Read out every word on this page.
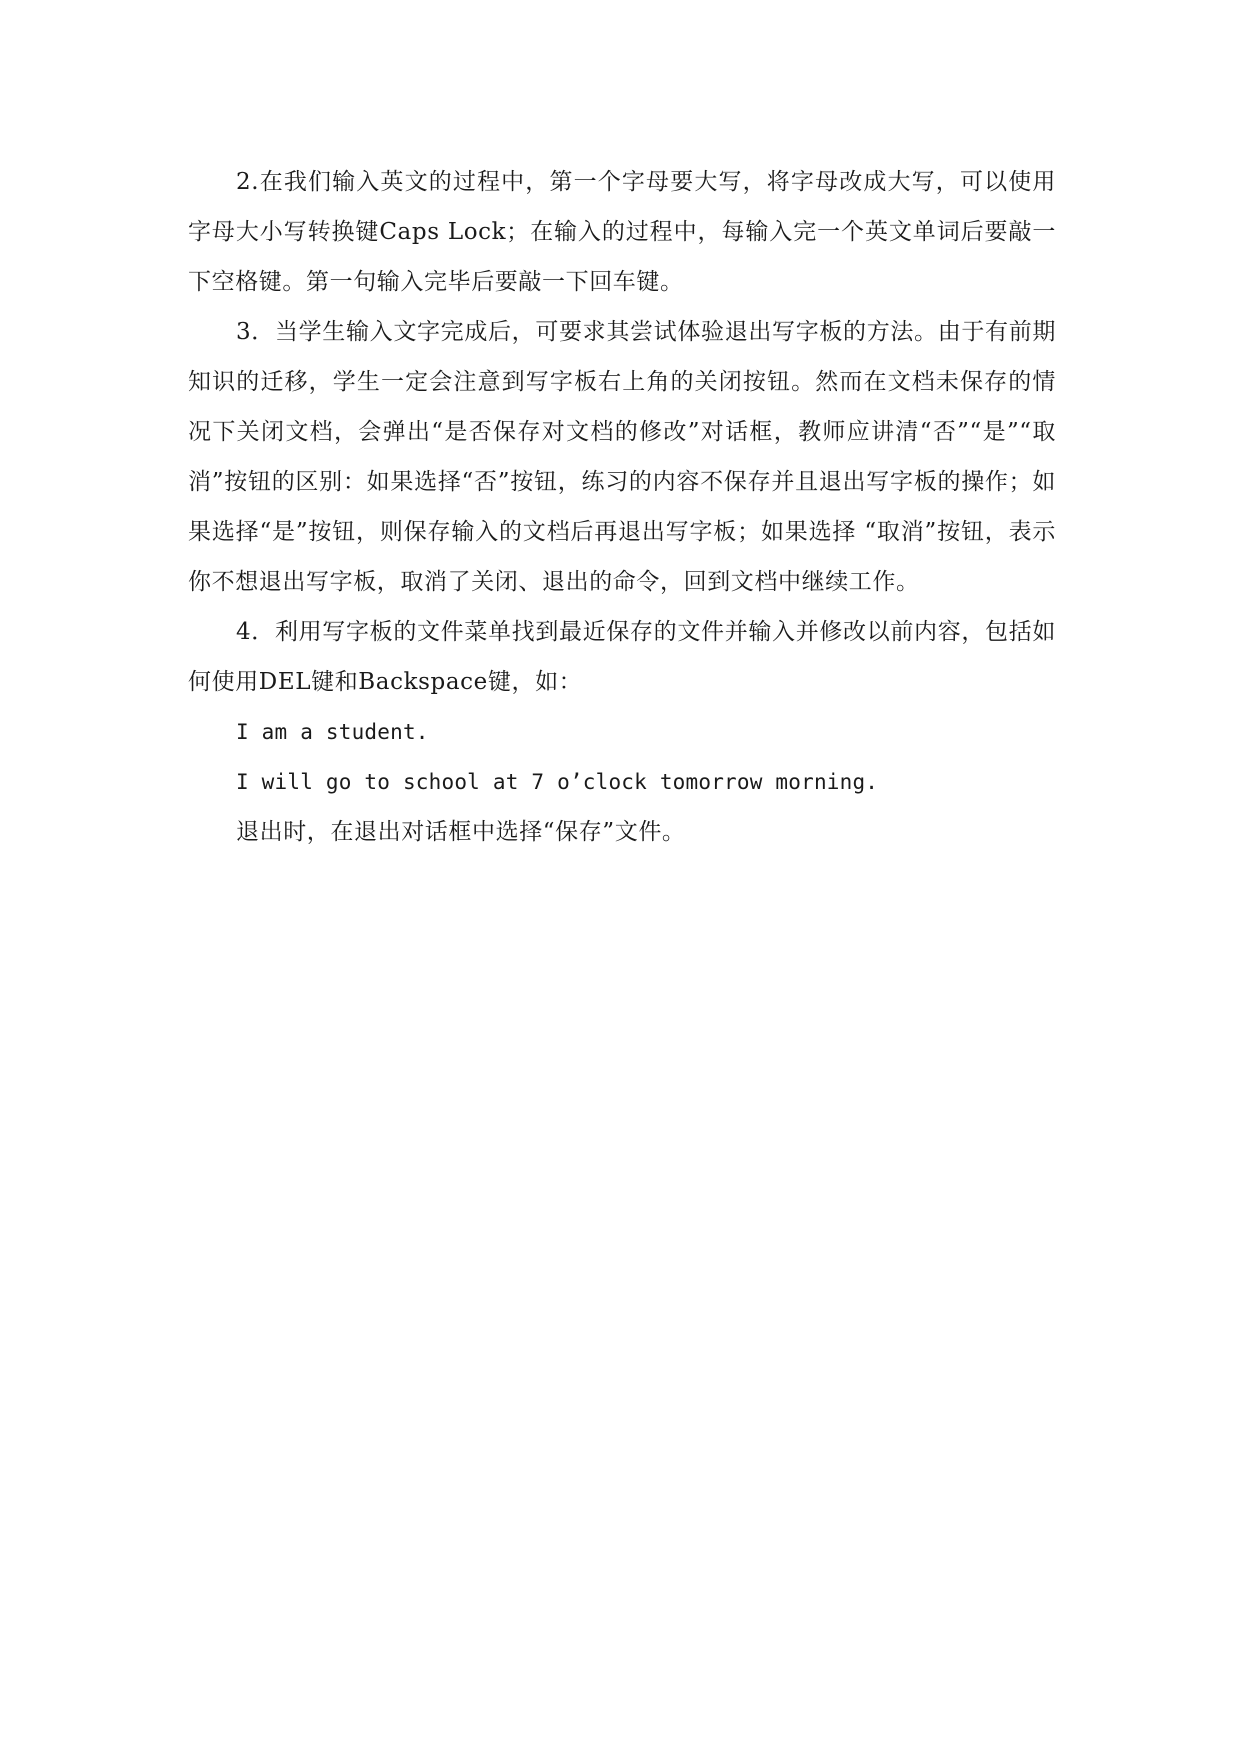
2.在我们输入英文的过程中，第一个字母要大写，将字母改成大写，可以使用字母大小写转换键Caps Lock；在输入的过程中，每输入完一个英文单词后要敲一下空格键。第一句输入完毕后要敲一下回车键。

3．当学生输入文字完成后，可要求其尝试体验退出写字板的方法。由于有前期知识的迁移，学生一定会注意到写字板右上角的关闭按钮。然而在文档未保存的情况下关闭文档，会弹出“是否保存对文档的修改”对话框，教师应讲清“否”“是”“取消”按钮的区别：如果选择“否”按钮，练习的内容不保存并且退出写字板的操作；如果选择“是”按钮，则保存输入的文档后再退出写字板；如果选择 “取消”按钮，表示你不想退出写字板，取消了关闭、退出的命令，回到文档中继续工作。

4．利用写字板的文件菜单找到最近保存的文件并输入并修改以前内容，包括如何使用DEL键和Backspace键，如：

I am a student.

I will go to school at 7 o’clock tomorrow morning.

退出时，在退出对话框中选择“保存”文件。
